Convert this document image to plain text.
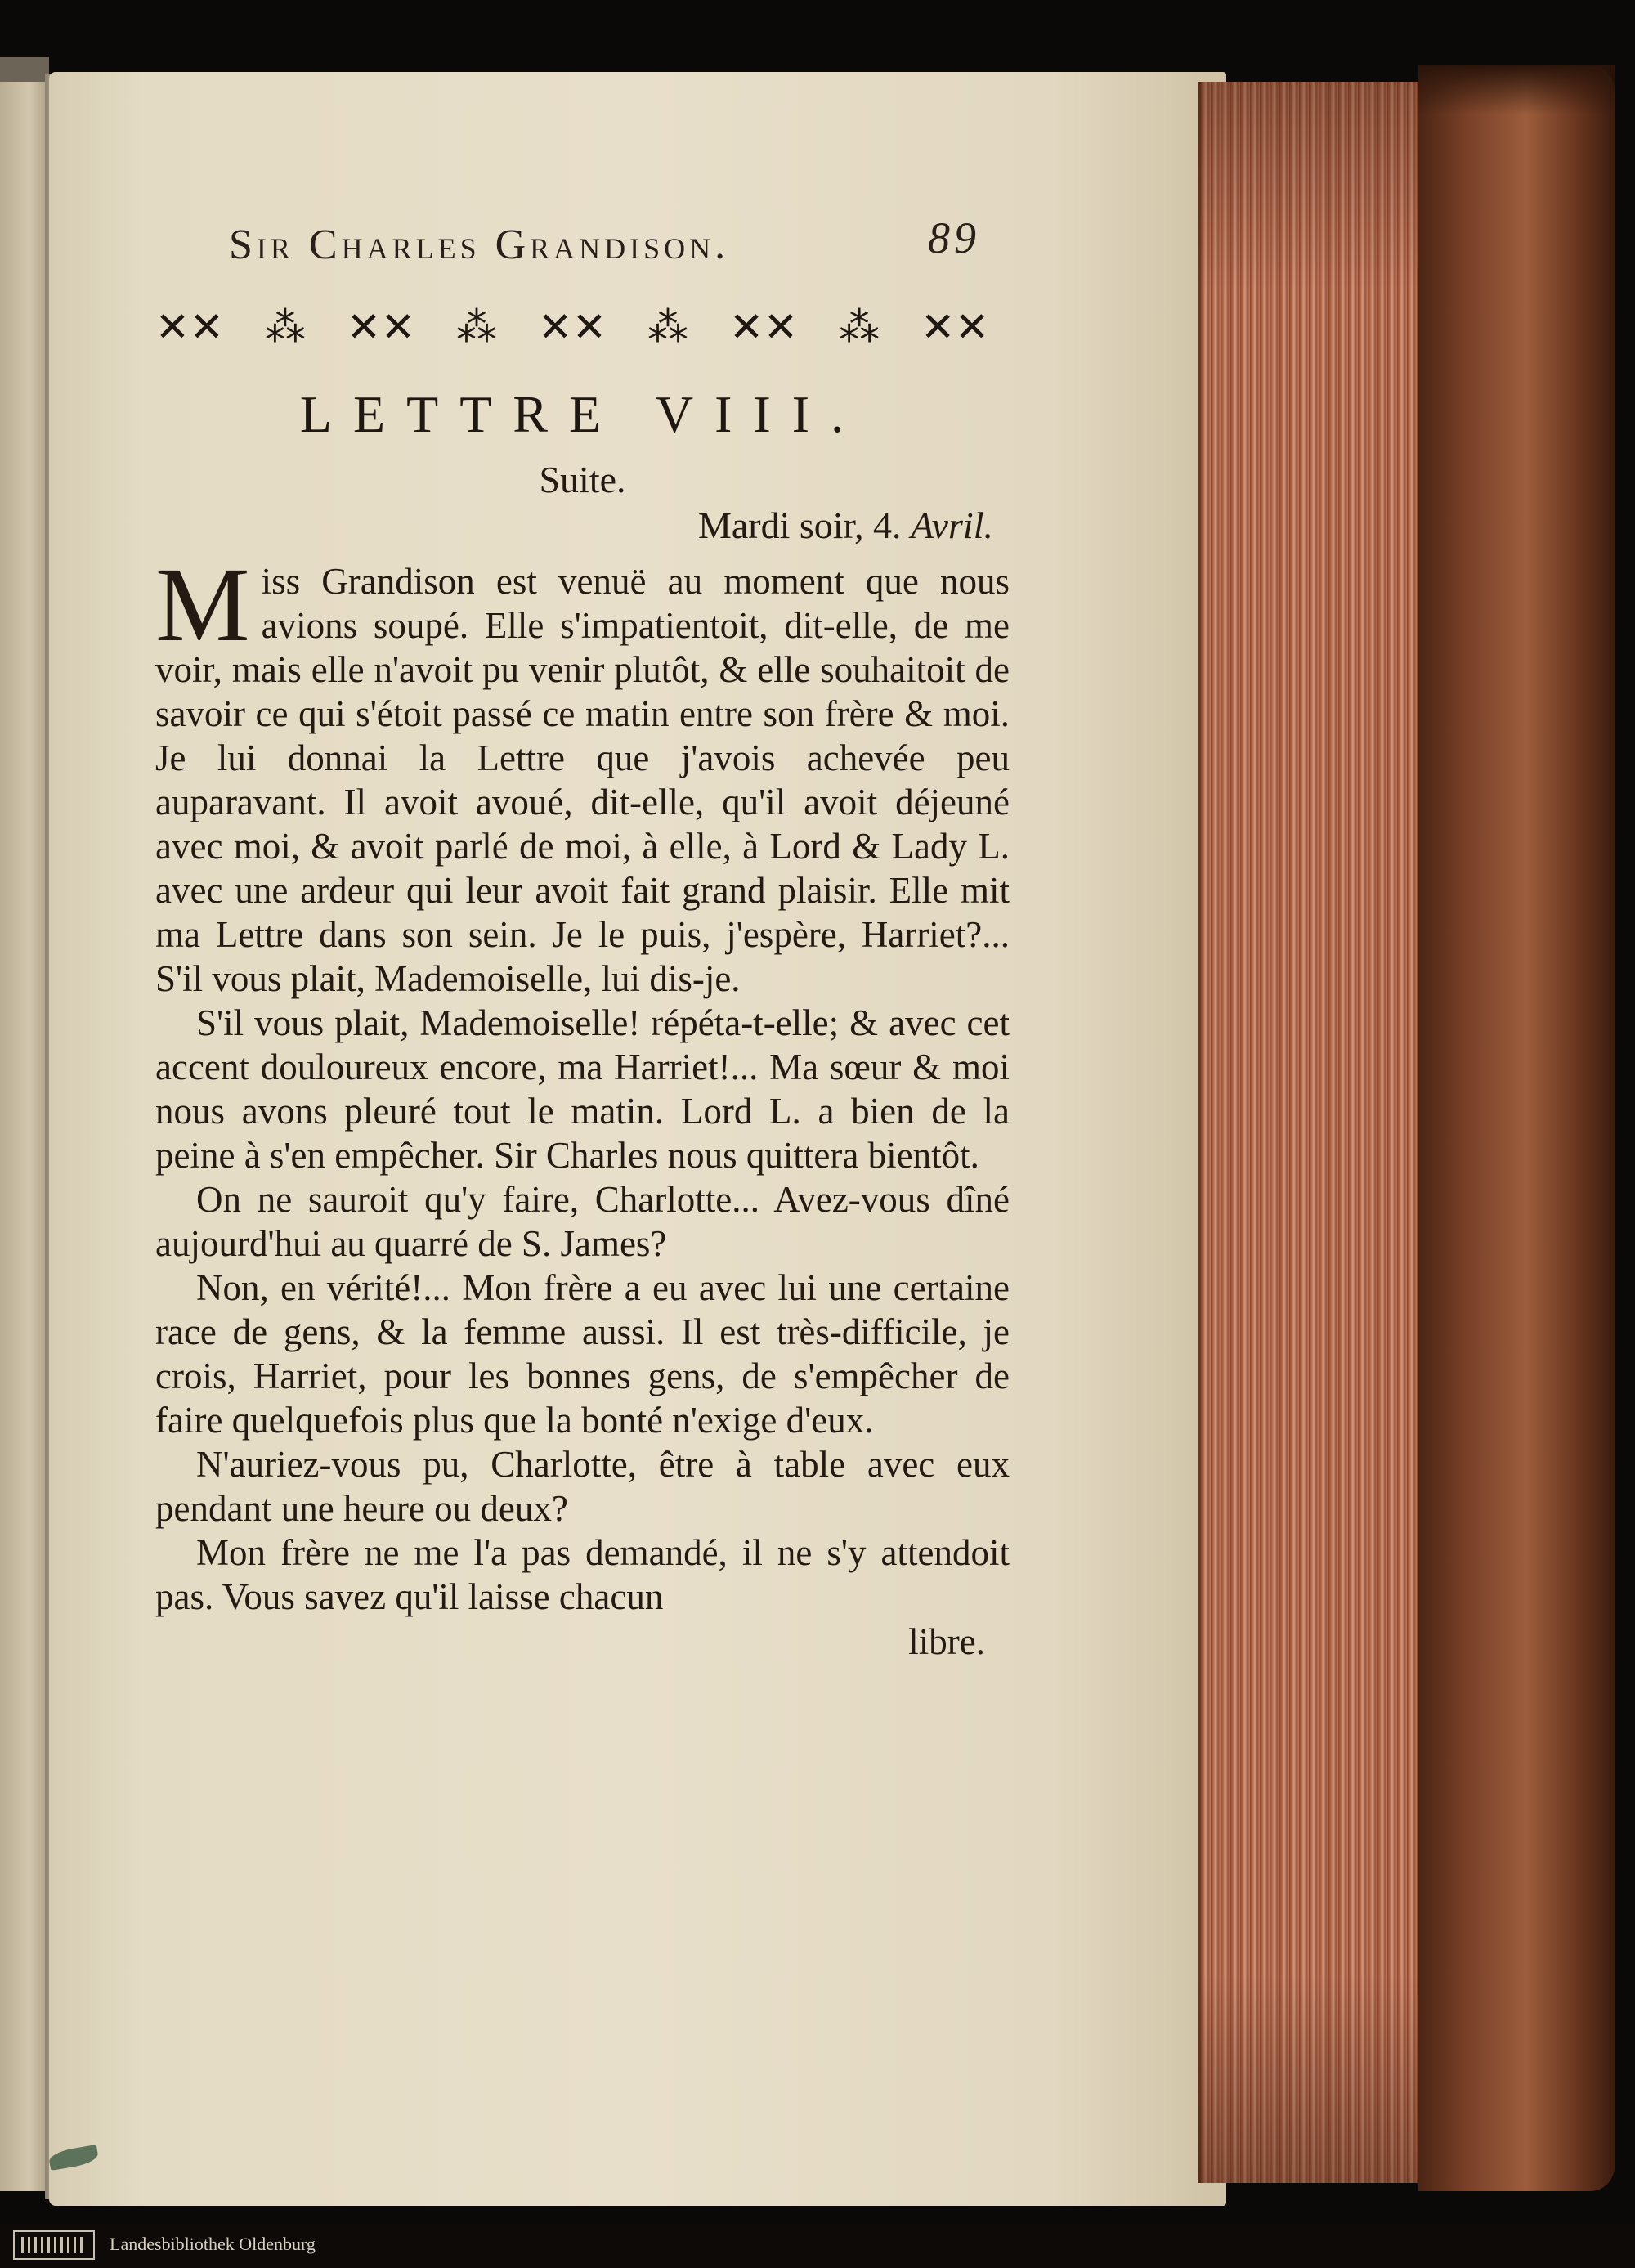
Sir Charles Grandison.	89
✕✕ ⁂ ✕✕ ⁂ ✕✕ ⁂ ✕✕ ⁂ ✕✕
LETTRE VIII.
Suite.
Mardi soir, 4. Avril.

Miss Grandison est venuë au moment que nous avions soupé. Elle s'impatientoit, dit-elle, de me voir, mais elle n'avoit pu venir plutôt, & elle souhaitoit de savoir ce qui s'étoit passé ce matin entre son frère & moi. Je lui donnai la Lettre que j'avois achevée peu auparavant. Il avoit avoué, dit-elle, qu'il avoit déjeuné avec moi, & avoit parlé de moi, à elle, à Lord & Lady L. avec une ardeur qui leur avoit fait grand plaisir. Elle mit ma Lettre dans son sein. Je le puis, j'espère, Harriet?... S'il vous plait, Mademoiselle, lui dis-je.

S'il vous plait, Mademoiselle! répéta-t-elle; & avec cet accent douloureux encore, ma Harriet!... Ma sœur & moi nous avons pleuré tout le matin. Lord L. a bien de la peine à s'en empêcher. Sir Charles nous quittera bientôt.

On ne sauroit qu'y faire, Charlotte... Avez-vous dîné aujourd'hui au quarré de S. James?

Non, en vérité!... Mon frère a eu avec lui une certaine race de gens, & la femme aussi. Il est très-difficile, je crois, Harriet, pour les bonnes gens, de s'empêcher de faire quelquefois plus que la bonté n'exige d'eux.

N'auriez-vous pu, Charlotte, être à table avec eux pendant une heure ou deux?

Mon frère ne me l'a pas demandé, il ne s'y attendoit pas. Vous savez qu'il laisse chacun

libre.
Landesbibliothek Oldenburg
